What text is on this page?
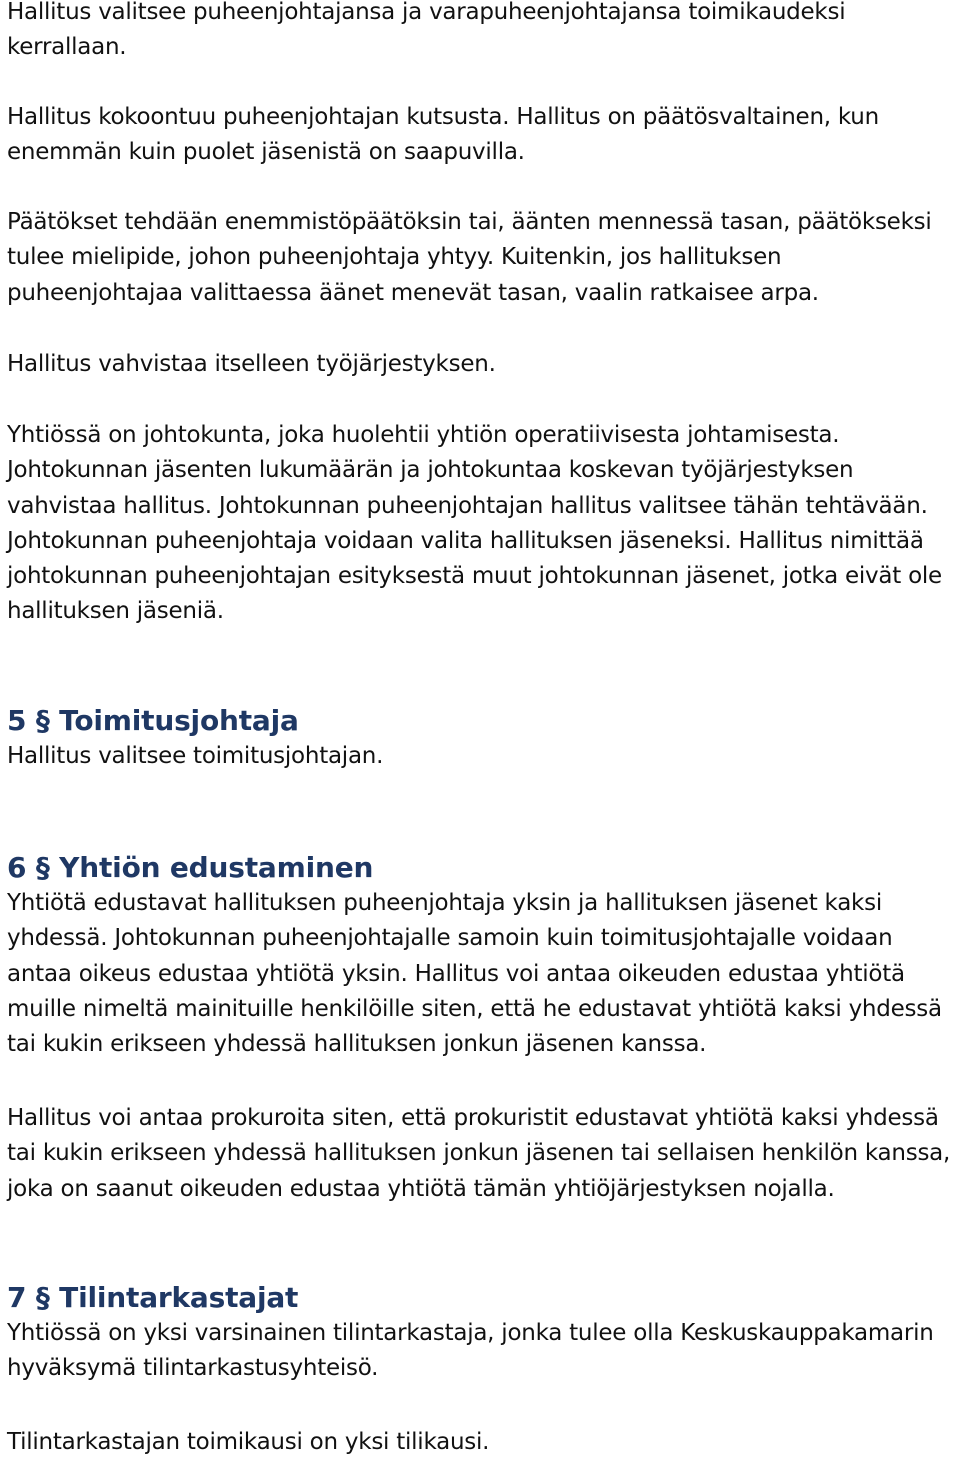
Hallitus valitsee puheenjohtajansa ja varapuheenjohtajansa toimikaudeksi kerrallaan.

Hallitus kokoontuu puheenjohtajan kutsusta. Hallitus on päätösvaltainen, kun enemmän kuin puolet jäsenistä on saapuvilla.

Päätökset tehdään enemmistöpäätöksin tai, äänten mennessä tasan, päätökseksi tulee mielipide, johon puheenjohtaja yhtyy. Kuitenkin, jos hallituksen puheenjohtajaa valittaessa äänet menevät tasan, vaalin ratkaisee arpa.

Hallitus vahvistaa itselleen työjärjestyksen.

Yhtiössä on johtokunta, joka huolehtii yhtiön operatiivisesta johtamisesta. Johtokunnan jäsenten lukumäärän ja johtokuntaa koskevan työjärjestyksen vahvistaa hallitus. Johtokunnan puheenjohtajan hallitus valitsee tähän tehtävään. Johtokunnan puheenjohtaja voidaan valita hallituksen jäseneksi. Hallitus nimittää johtokunnan puheenjohtajan esityksestä muut johtokunnan jäsenet, jotka eivät ole hallituksen jäseniä.

5 § Toimitusjohtaja

Hallitus valitsee toimitusjohtajan.

6 § Yhtiön edustaminen

Yhtiötä edustavat hallituksen puheenjohtaja yksin ja hallituksen jäsenet kaksi yhdessä. Johtokunnan puheenjohtajalle samoin kuin toimitusjohtajalle voidaan antaa oikeus edustaa yhtiötä yksin. Hallitus voi antaa oikeuden edustaa yhtiötä muille nimeltä mainituille henkilöille siten, että he edustavat yhtiötä kaksi yhdessä tai kukin erikseen yhdessä hallituksen jonkun jäsenen kanssa.

Hallitus voi antaa prokuroita siten, että prokuristit edustavat yhtiötä kaksi yhdessä tai kukin erikseen yhdessä hallituksen jonkun jäsenen tai sellaisen henkilön kanssa, joka on saanut oikeuden edustaa yhtiötä tämän yhtiöjärjestyksen nojalla.

7 § Tilintarkastajat

Yhtiössä on yksi varsinainen tilintarkastaja, jonka tulee olla Keskuskauppakamarin hyväksymä tilintarkastusyhteisö.

Tilintarkastajan toimikausi on yksi tilikausi.
